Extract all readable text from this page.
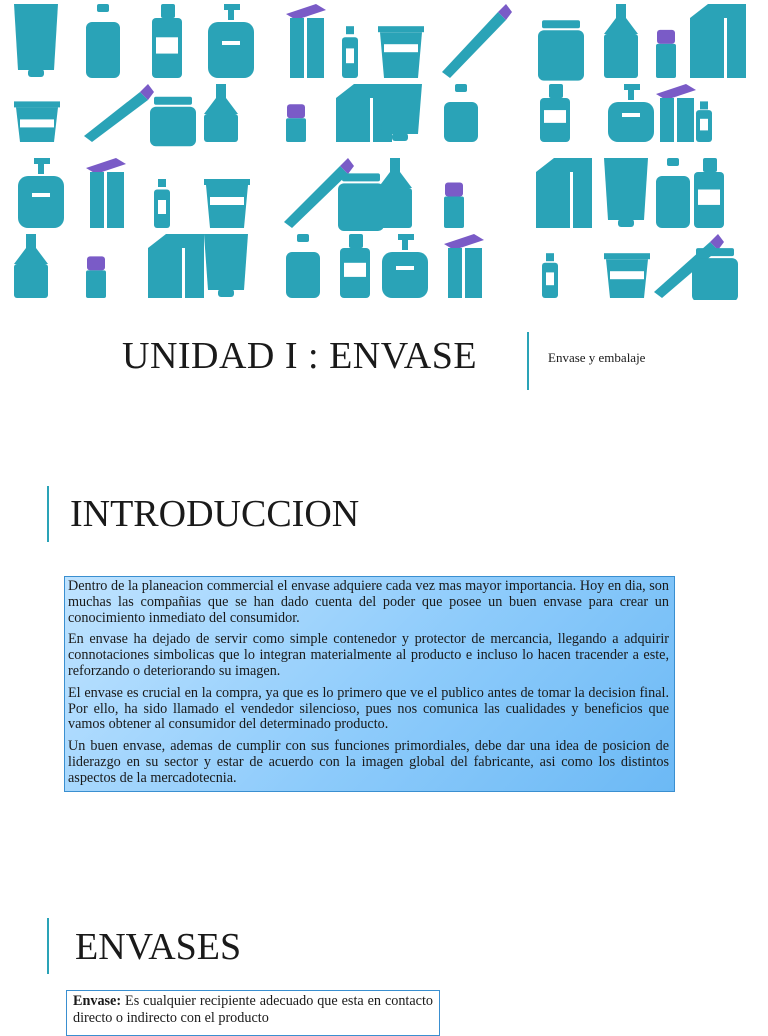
UNIDAD I : ENVASE	Envase y embalaje
INTRODUCCION

Dentro de la planeacion commercial el envase adquiere cada vez mas mayor importancia. Hoy en dia, son muchas las compañias que se han dado cuenta del poder que posee un buen envase para crear un conocimiento inmediato del consumidor.

En envase ha dejado de servir como simple contenedor y protector de mercancia, llegando a adquirir connotaciones simbolicas que lo integran materialmente al producto e incluso lo hacen tracender a este, reforzando o deteriorando su imagen.

El envase es crucial en la compra, ya que es lo primero que ve el publico antes de tomar la decision final. Por ello, ha sido llamado el vendedor silencioso, pues nos comunica las cualidades y beneficios que vamos obtener al consumidor del determinado producto.

Un buen envase, ademas de cumplir con sus funciones primordiales, debe dar una idea de posicion de liderazgo en su sector y estar de acuerdo con la imagen global del fabricante, asi como los distintos aspectos de la mercadotecnia.

ENVASES
Envase: Es cualquier recipiente adecuado que esta en contacto directo o indirecto con el producto
